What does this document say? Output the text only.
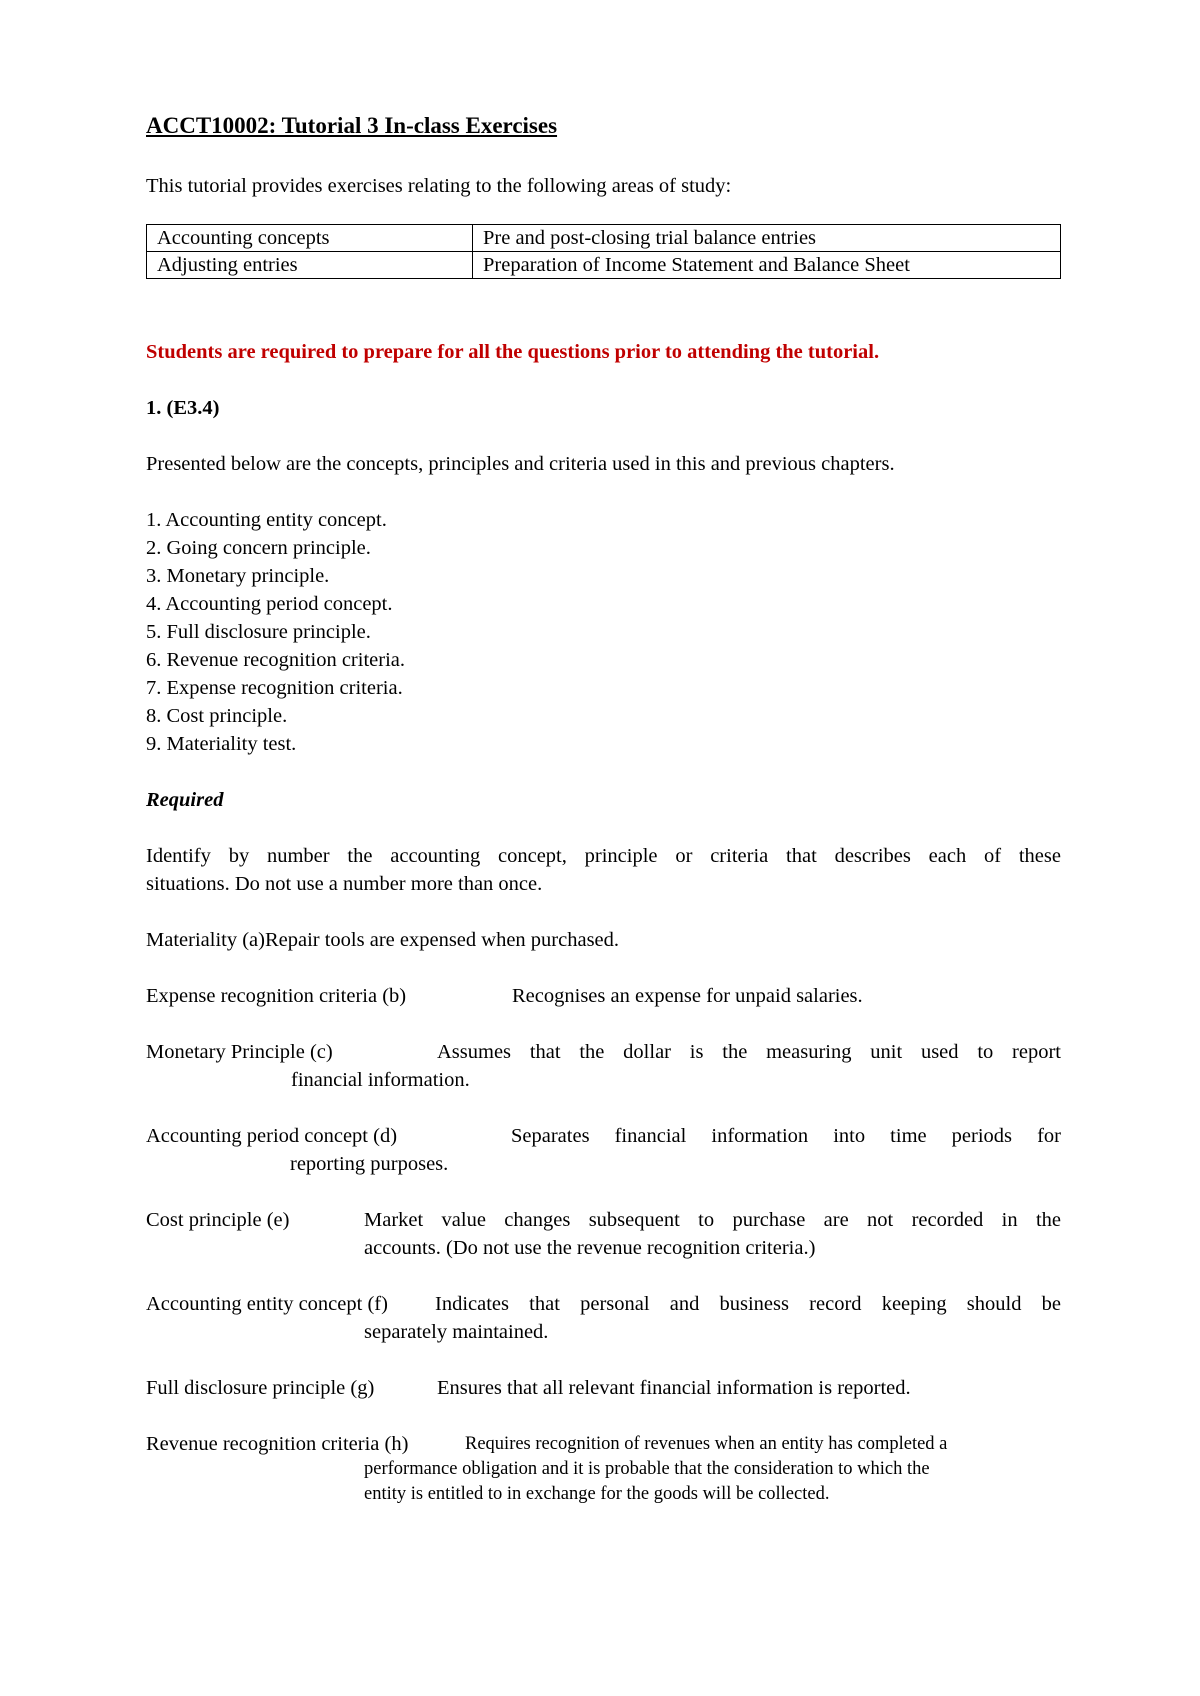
ACCT10002: Tutorial 3 In-class Exercises
This tutorial provides exercises relating to the following areas of study:
Accounting concepts	Pre and post-closing trial balance entries
Adjusting entries	Preparation of Income Statement and Balance Sheet
Students are required to prepare for all the questions prior to attending the tutorial.
1. (E3.4)
Presented below are the concepts, principles and criteria used in this and previous chapters.
1. Accounting entity concept.
2. Going concern principle.
3. Monetary principle.
4. Accounting period concept.
5. Full disclosure principle.
6. Revenue recognition criteria.
7. Expense recognition criteria.
8. Cost principle.
9. Materiality test.
Required
Identify by number the accounting concept, principle or criteria that describes each of these
situations. Do not use a number more than once.
Materiality (a)Repair tools are expensed when purchased.
Expense recognition criteria (b)	Recognises an expense for unpaid salaries.
Monetary Principle (c)	Assumes that the dollar is the measuring unit used to report
financial information.
Accounting period concept (d)	Separates financial information into time periods for
reporting purposes.
Cost principle (e)	Market value changes subsequent to purchase are not recorded in the
accounts. (Do not use the revenue recognition criteria.)
Accounting entity concept (f) Indicates that personal and business record keeping should be
separately maintained.
Full disclosure principle (g)	Ensures that all relevant financial information is reported.
Revenue recognition criteria (h)	Requires recognition of revenues when an entity has completed a
performance obligation and it is probable that the consideration to which the
entity is entitled to in exchange for the goods will be collected.
